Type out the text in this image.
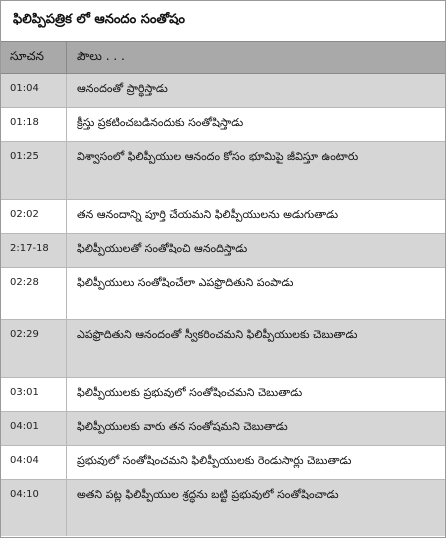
ఫిలిప్పిపత్రిక లో ఆనందం సంతోషం
సూచన	పౌలు . . .
01:04	ఆనందంతో ప్రార్థిస్తాడు
01:18	క్రీస్తు ప్రకటించబడినందుకు సంతోషిస్తాడు
01:25	విశ్వాసంలో ఫిలిప్పీయుల ఆనందం కోసం భూమిపై జీవిస్తూ ఉంటారు
02:02	తన ఆనందాన్ని పూర్తి చేయమని ఫిలిప్పీయులను అడుగుతాడు
2:17-18	ఫిలిప్పీయులతో సంతోషించి ఆనందిస్తాడు
02:28	ఫిలిప్పీయులు సంతోషించేలా ఎపఫ్రొదితుని పంపాడు
02:29	ఎపఫ్రొదితుని ఆనందంతో స్వీకరించమని ఫిలిప్పీయులకు చెబుతాడు
03:01	ఫిలిప్పీయులకు ప్రభువులో సంతోషించమని చెబుతాడు
04:01	ఫిలిప్పీయులకు వారు తన సంతోషమని చెబుతాడు
04:04	ప్రభువులో సంతోషించమని ఫిలిప్పీయులకు రెండుసార్లు చెబుతాడు
04:10	అతని పట్ల ఫిలిప్పీయుల శ్రద్ధను బట్టి ప్రభువులో సంతోషించాడు
